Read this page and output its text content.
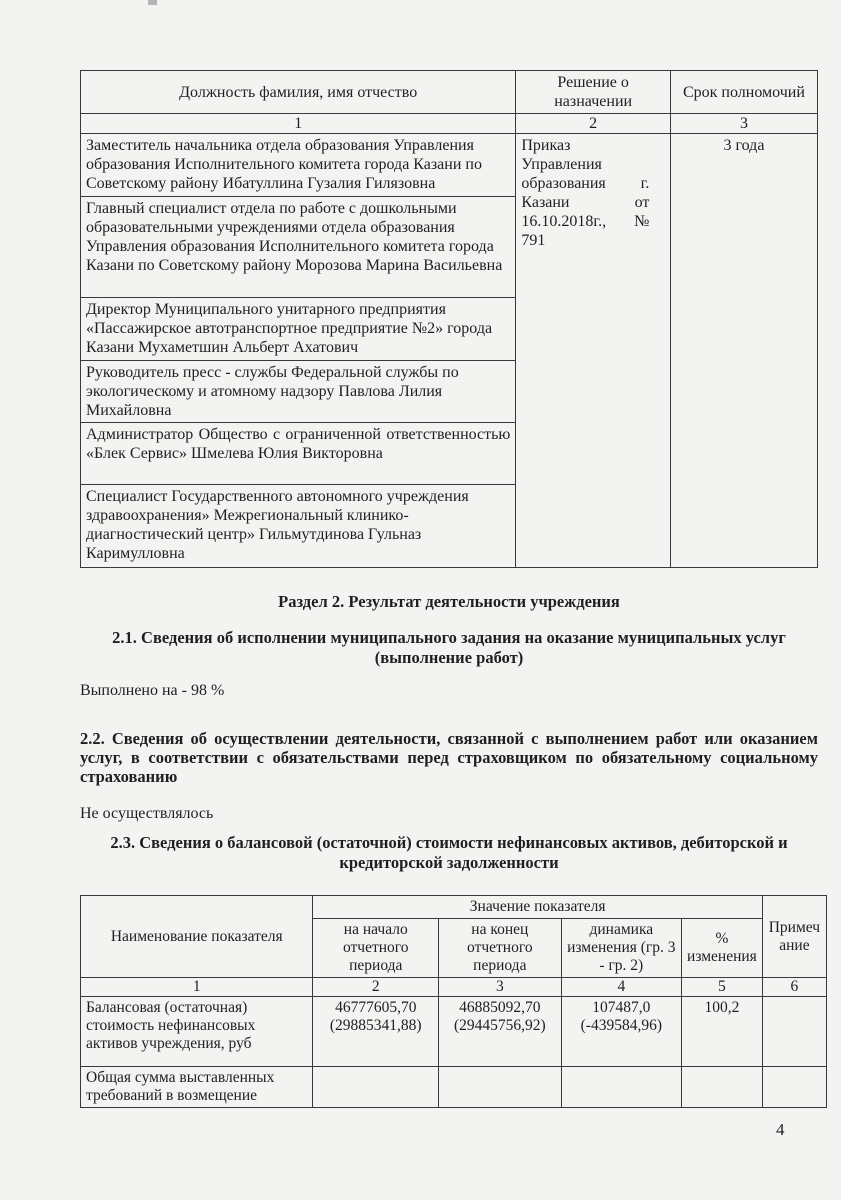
Должность фамилия, имя отчество	Решение о назначении	Срок полномочий
1	2	3
Заместитель начальника отдела образования Управления образования Исполнительного комитета города Казани по Советскому району Ибатуллина Гузалия Гилязовна	Приказ Управления образования г. Казани от 16.10.2018г., № 791	3 года
Главный специалист отдела по работе с дошкольными образовательными учреждениями отдела образования Управления образования Исполнительного комитета города Казани по Советскому району Морозова Марина Васильевна		
Директор Муниципального унитарного предприятия «Пассажирское автотранспортное предприятие №2» города Казани Мухаметшин Альберт Ахатович		
Руководитель пресс - службы Федеральной службы по экологическому и атомному надзору Павлова Лилия Михайловна		
Администратор Общество с ограниченной ответственностью «Блек Сервис» Шмелева Юлия Викторовна		
Специалист Государственного автономного учреждения здравоохранения» Межрегиональный клинико-диагностический центр» Гильмутдинова Гульназ Каримулловна		
Раздел 2. Результат деятельности учреждения
2.1. Сведения об исполнении муниципального задания на оказание муниципальных услуг (выполнение работ)
Выполнено на - 98 %
2.2. Сведения об осуществлении деятельности, связанной с выполнением работ или оказанием услуг, в соответствии с обязательствами перед страховщиком по обязательному социальному страхованию
Не осуществлялось
2.3. Сведения о балансовой (остаточной) стоимости нефинансовых активов, дебиторской и кредиторской задолженности
Наименование показателя	Значение показателя				Примечание
	на начало отчетного периода	на конец отчетного периода	динамика изменения (гр. 3 - гр. 2)	% изменения	
1	2	3	4	5	6
Балансовая (остаточная) стоимость нефинансовых активов учреждения, руб	46777605,70 (29885341,88)	46885092,70 (29445756,92)	107487,0 (-439584,96)	100,2	
Общая сумма выставленных требований в возмещение					
4
